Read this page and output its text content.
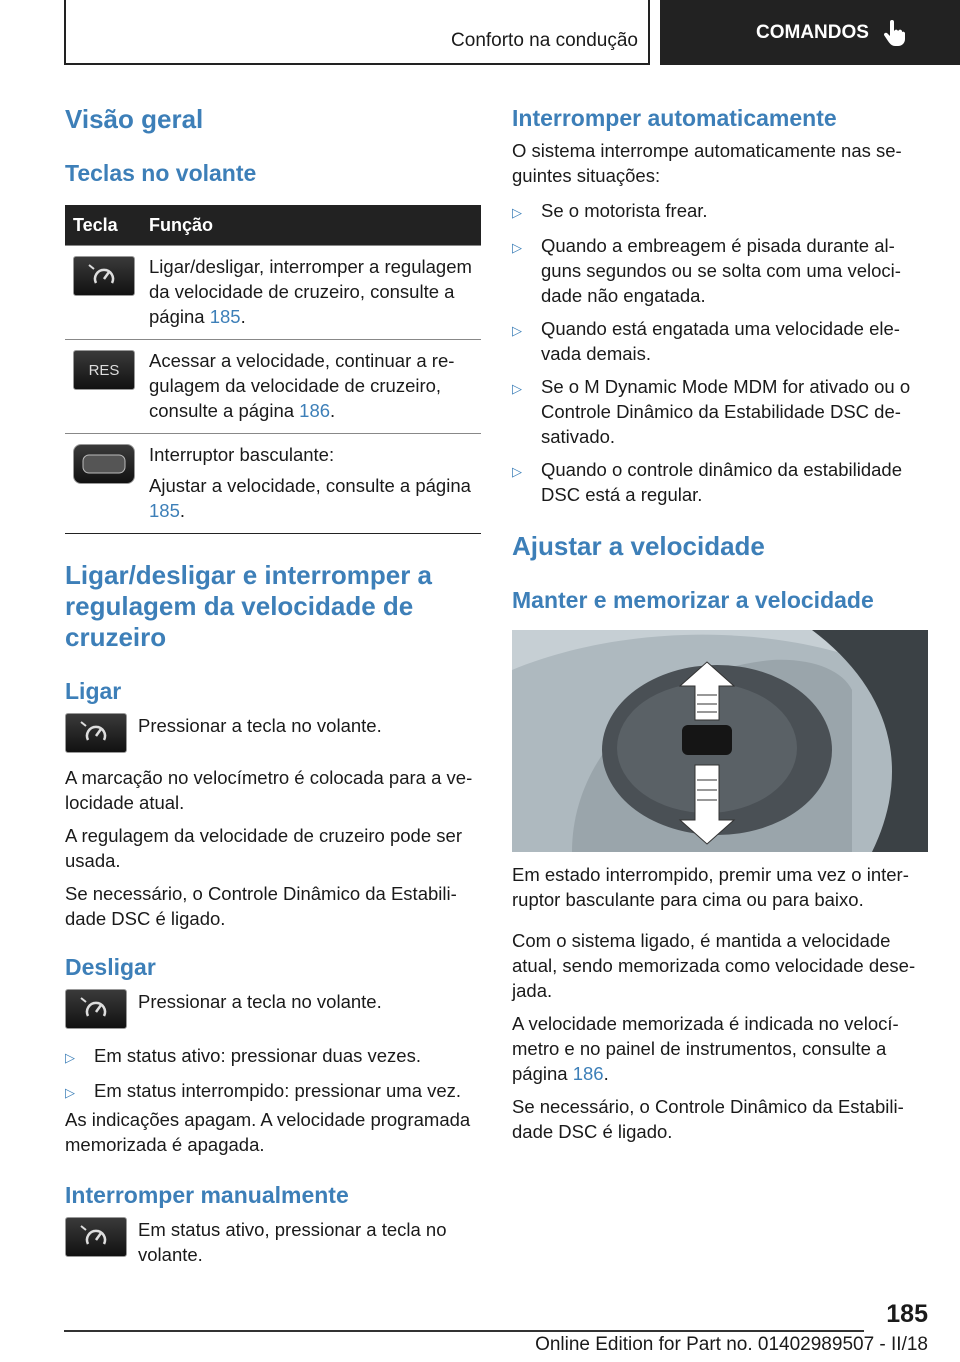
Conforto na condução	COMANDOS
Visão geral
Teclas no volante
Tecla	Função
Ligar/desligar, interromper a regulagem da velocidade de cruzeiro, consulte a página 185.
RES	Acessar a velocidade, continuar a regulagem da velocidade de cruzeiro, consulte a página 186.
Interruptor basculante:
Ajustar a velocidade, consulte a página 185.
Ligar/desligar e interromper a regulagem da velocidade de cruzeiro
Ligar
Pressionar a tecla no volante.
A marcação no velocímetro é colocada para a velocidade atual.
A regulagem da velocidade de cruzeiro pode ser usada.
Se necessário, o Controle Dinâmico da Estabilidade DSC é ligado.
Desligar
Pressionar a tecla no volante.
▷	Em status ativo: pressionar duas vezes.
▷	Em status interrompido: pressionar uma vez.
As indicações apagam. A velocidade programada memorizada é apagada.
Interromper manualmente
Em status ativo, pressionar a tecla no volante.
Interromper automaticamente
O sistema interrompe automaticamente nas seguintes situações:
▷	Se o motorista frear.
▷	Quando a embreagem é pisada durante alguns segundos ou se solta com uma velocidade não engatada.
▷	Quando está engatada uma velocidade elevada demais.
▷	Se o M Dynamic Mode MDM for ativado ou o Controle Dinâmico da Estabilidade DSC desativado.
▷	Quando o controle dinâmico da estabilidade DSC está a regular.
Ajustar a velocidade
Manter e memorizar a velocidade
Em estado interrompido, premir uma vez o interruptor basculante para cima ou para baixo.
Com o sistema ligado, é mantida a velocidade atual, sendo memorizada como velocidade desejada.
A velocidade memorizada é indicada no velocímetro e no painel de instrumentos, consulte a página 186.
Se necessário, o Controle Dinâmico da Estabilidade DSC é ligado.
185
Online Edition for Part no. 01402989507 - II/18
